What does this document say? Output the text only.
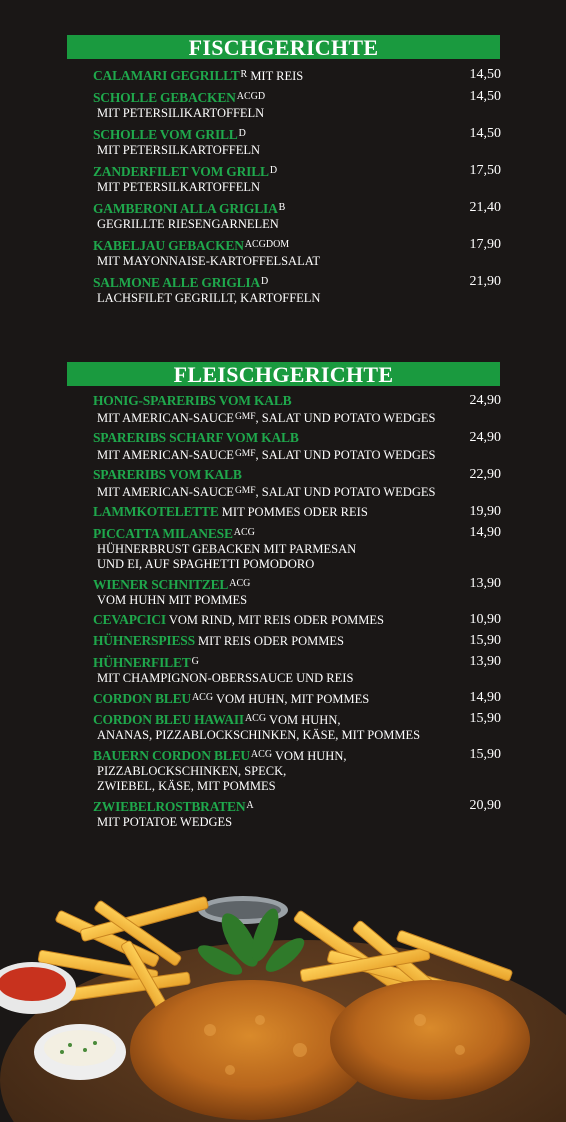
FISCHGERICHTE
CALAMARI $GEGRILLT^R$ MIT REIS	14,50
SCHOLLE $GEBACKEN^{ACGD}$	14,50
MIT PETERSILIKARTOFFELN
SCHOLLE VOM $GRILL^D$	14,50
MIT PETERSILKARTOFFELN
ZANDERFILET VOM $GRILL^D$	17,50
MIT PETERSILKARTOFFELN
GAMBERONI ALLA $GRIGLIA^B$	21,40
GEGRILLTE RIESENGARNELEN
KABELJAU $GEBACKEN^{ACGDOM}$	17,90
MIT MAYONNAISE-KARTOFFELSALAT
SALMONE ALLE $GRIGLIA^D$	21,90
LACHSFILET GEGRILLT, KARTOFFELN
FLEISCHGERICHTE
HONIG-SPARERIBS VOM KALB	24,90
MIT AMERICAN-$SAUCE^{GMF}$, SALAT UND POTATO WEDGES
SPARERIBS SCHARF VOM KALB	24,90
MIT AMERICAN-$SAUCE^{GMF}$, SALAT UND POTATO WEDGES
SPARERIBS VOM KALB	22,90
MIT AMERICAN-$SAUCE^{GMF}$, SALAT UND POTATO WEDGES
LAMMKOTELETTE MIT POMMES ODER REIS	19,90
PICCATTA $MILANESE^{ACG}$	14,90
HÜHNERBRUST GEBACKEN MIT PARMESAN
UND EI, AUF SPAGHETTI POMODORO
WIENER $SCHNITZEL^{ACG}$	13,90
VOM HUHN MIT POMMES
CEVAPCICI VOM RIND, MIT REIS ODER POMMES	10,90
HÜHNERSPIESS MIT REIS ODER POMMES	15,90
$HÜHNERFILET^G$	13,90
MIT CHAMPIGNON-OBERSSAUCE UND REIS
CORDON $BLEU^{ACG}$ VOM HUHN, MIT POMMES	14,90
CORDON BLEU $HAWAII^{ACG}$ VOM HUHN,	15,90
ANANAS, PIZZABLOCKSCHINKEN, KÄSE, MIT POMMES
BAUERN CORDON $BLEU^{ACG}$ VOM HUHN,	15,90
PIZZABLOCKSCHINKEN, SPECK,
ZWIEBEL, KÄSE, MIT POMMES
$ZWIEBELROSTBRATEN^A$	20,90
MIT POTATOE WEDGES
